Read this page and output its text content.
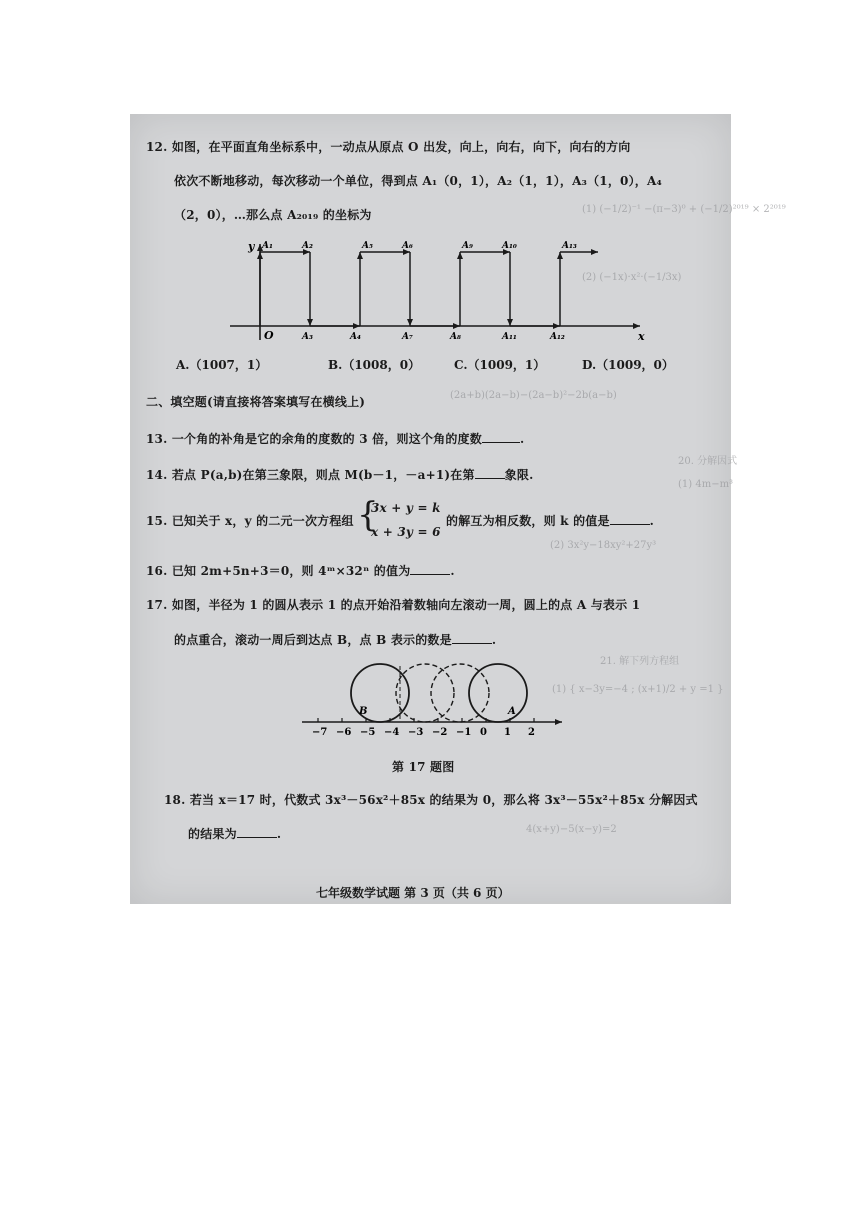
(1) (−1/2)⁻¹ −(π−3)⁰ + (−1/2)²⁰¹⁹ × 2²⁰¹⁹
(2) (−1x)·x²·(−1/3x)
(2a+b)(2a−b)−(2a−b)²−2b(a−b)
20. 分解因式
(1) 4m−m³
(2) 3x²y−18xy²+27y³
21. 解下列方程组
(1) { x−3y=−4 ; (x+1)/2 + y =1 }
4(x+y)−5(x−y)=2
12. 如图，在平面直角坐标系中，一动点从原点 O 出发，向上，向右，向下，向右的方向
依次不断地移动，每次移动一个单位，得到点 A₁（0，1），A₂（1，1），A₃（1，0），A₄
（2，0），…那么点 A₂₀₁₉ 的坐标为
y
x
O
A₁	A₂
A₃	A₄
A₅	A₆
A₇	A₈
A₉	A₁₀
A₁₁	A₁₂
A₁₃
A.（1007，1）	B.（1008，0）	C.（1009，1）	D.（1009，0）
二、填空题(请直接将答案填写在横线上)
13. 一个角的补角是它的余角的度数的 3 倍，则这个角的度数	.
14. 若点 P(a,b)在第三象限，则点 M(b－1，－a+1)在第	象限.
15. 已知关于 x，y 的二元一次方程组 {
3x + y = k
x + 3y = 6
的解互为相反数，则 k 的值是	.
16. 已知 2m+5n+3＝0，则 4ᵐ×32ⁿ 的值为	.
17. 如图，半径为 1 的圆从表示 1 的点开始沿着数轴向左滚动一周，圆上的点 A 与表示 1
的点重合，滚动一周后到达点 B，点 B 表示的数是	.
−7 −6 −5 −4 −3 −2 −1 0 1 2
B	A
第 17 题图
18. 若当 x＝17 时，代数式 3x³－56x²＋85x 的结果为 0，那么将 3x³－55x²＋85x 分解因式
的结果为	.
七年级数学试题 第 3 页（共 6 页）
